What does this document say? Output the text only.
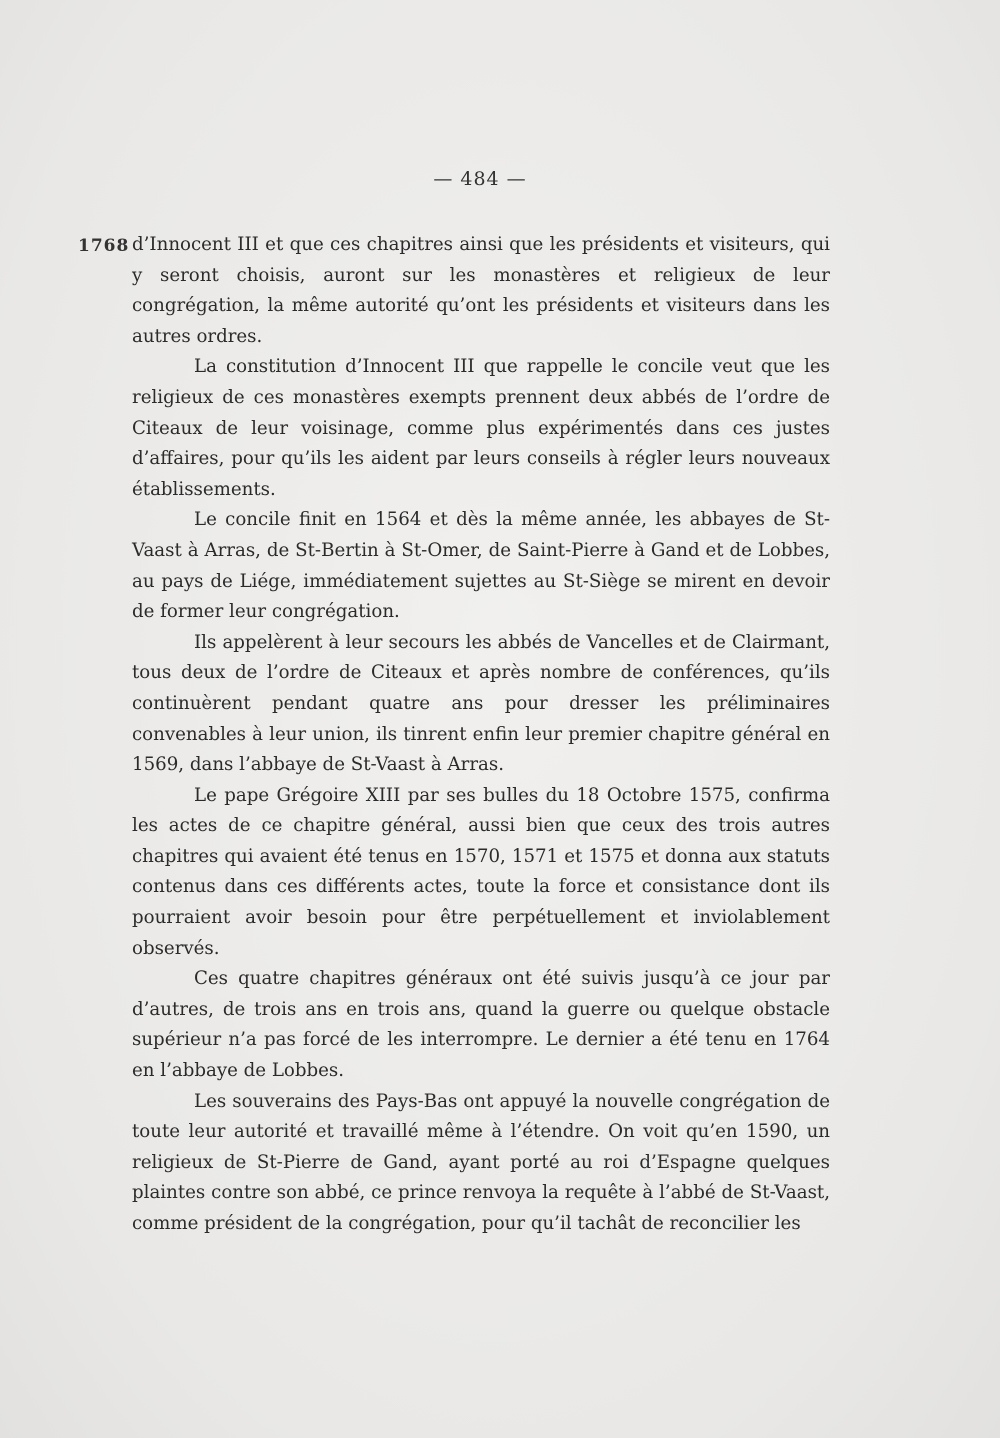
— 484 —
1768 d’Innocent III et que ces chapitres ainsi que les présidents et visiteurs, qui y seront choisis, auront sur les monastères et religieux de leur congrégation, la même autorité qu’ont les présidents et visiteurs dans les autres ordres.

La constitution d’Innocent III que rappelle le concile veut que les religieux de ces monastères exempts prennent deux abbés de l’ordre de Citeaux de leur voisinage, comme plus expérimentés dans ces justes d’affaires, pour qu’ils les aident par leurs conseils à régler leurs nouveaux établissements.

Le concile finit en 1564 et dès la même année, les abbayes de St-Vaast à Arras, de St-Bertin à St-Omer, de Saint-Pierre à Gand et de Lobbes, au pays de Liége, immédiatement sujettes au St-Siège se mirent en devoir de former leur congrégation.

Ils appelèrent à leur secours les abbés de Vancelles et de Clairmant, tous deux de l’ordre de Citeaux et après nombre de conférences, qu’ils continuèrent pendant quatre ans pour dresser les préliminaires convenables à leur union, ils tinrent enfin leur premier chapitre général en 1569, dans l’abbaye de St-Vaast à Arras.

Le pape Grégoire XIII par ses bulles du 18 Octobre 1575, confirma les actes de ce chapitre général, aussi bien que ceux des trois autres chapitres qui avaient été tenus en 1570, 1571 et 1575 et donna aux statuts contenus dans ces différents actes, toute la force et consistance dont ils pourraient avoir besoin pour être perpétuellement et inviolablement observés.

Ces quatre chapitres généraux ont été suivis jusqu’à ce jour par d’autres, de trois ans en trois ans, quand la guerre ou quelque obstacle supérieur n’a pas forcé de les interrompre. Le dernier a été tenu en 1764 en l’abbaye de Lobbes.

Les souverains des Pays-Bas ont appuyé la nouvelle congrégation de toute leur autorité et travaillé même à l’étendre. On voit qu’en 1590, un religieux de St-Pierre de Gand, ayant porté au roi d’Espagne quelques plaintes contre son abbé, ce prince renvoya la requête à l’abbé de St-Vaast, comme président de la congrégation, pour qu’il tachât de reconcilier les
